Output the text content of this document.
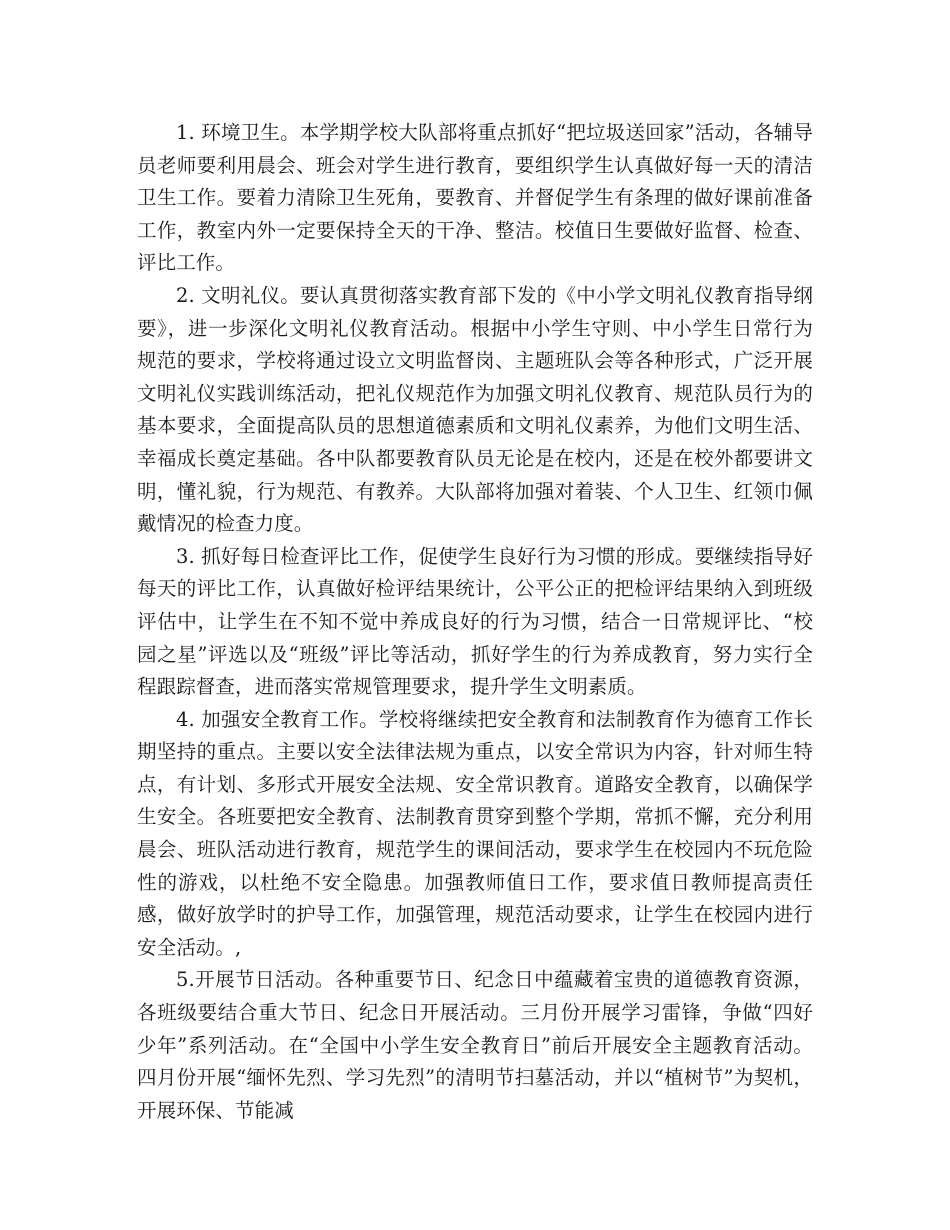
1. 环境卫生。本学期学校大队部将重点抓好“把垃圾送回家”活动，各辅导员老师要利用晨会、班会对学生进行教育，要组织学生认真做好每一天的清洁卫生工作。要着力清除卫生死角，要教育、并督促学生有条理的做好课前准备工作，教室内外一定要保持全天的干净、整洁。校值日生要做好监督、检查、评比工作。

2. 文明礼仪。要认真贯彻落实教育部下发的《中小学文明礼仪教育指导纲要》，进一步深化文明礼仪教育活动。根据中小学生守则、中小学生日常行为规范的要求，学校将通过设立文明监督岗、主题班队会等各种形式，广泛开展文明礼仪实践训练活动，把礼仪规范作为加强文明礼仪教育、规范队员行为的基本要求，全面提高队员的思想道德素质和文明礼仪素养，为他们文明生活、幸福成长奠定基础。各中队都要教育队员无论是在校内，还是在校外都要讲文明，懂礼貌，行为规范、有教养。大队部将加强对着装、个人卫生、红领巾佩戴情况的检查力度。

3. 抓好每日检查评比工作，促使学生良好行为习惯的形成。要继续指导好每天的评比工作，认真做好检评结果统计，公平公正的把检评结果纳入到班级评估中，让学生在不知不觉中养成良好的行为习惯，结合一日常规评比、“校园之星”评选以及“班级”评比等活动，抓好学生的行为养成教育，努力实行全程跟踪督查，进而落实常规管理要求，提升学生文明素质。

4. 加强安全教育工作。学校将继续把安全教育和法制教育作为德育工作长期坚持的重点。主要以安全法律法规为重点，以安全常识为内容，针对师生特点，有计划、多形式开展安全法规、安全常识教育。道路安全教育，以确保学生安全。各班要把安全教育、法制教育贯穿到整个学期，常抓不懈，充分利用晨会、班队活动进行教育，规范学生的课间活动，要求学生在校园内不玩危险性的游戏，以杜绝不安全隐患。加强教师值日工作，要求值日教师提高责任感，做好放学时的护导工作，加强管理，规范活动要求，让学生在校园内进行安全活动。,

5.开展节日活动。各种重要节日、纪念日中蕴藏着宝贵的道德教育资源，各班级要结合重大节日、纪念日开展活动。三月份开展学习雷锋，争做“四好少年”系列活动。在“全国中小学生安全教育日”前后开展安全主题教育活动。四月份开展“缅怀先烈、学习先烈”的清明节扫墓活动，并以“植树节”为契机，开展环保、节能减
